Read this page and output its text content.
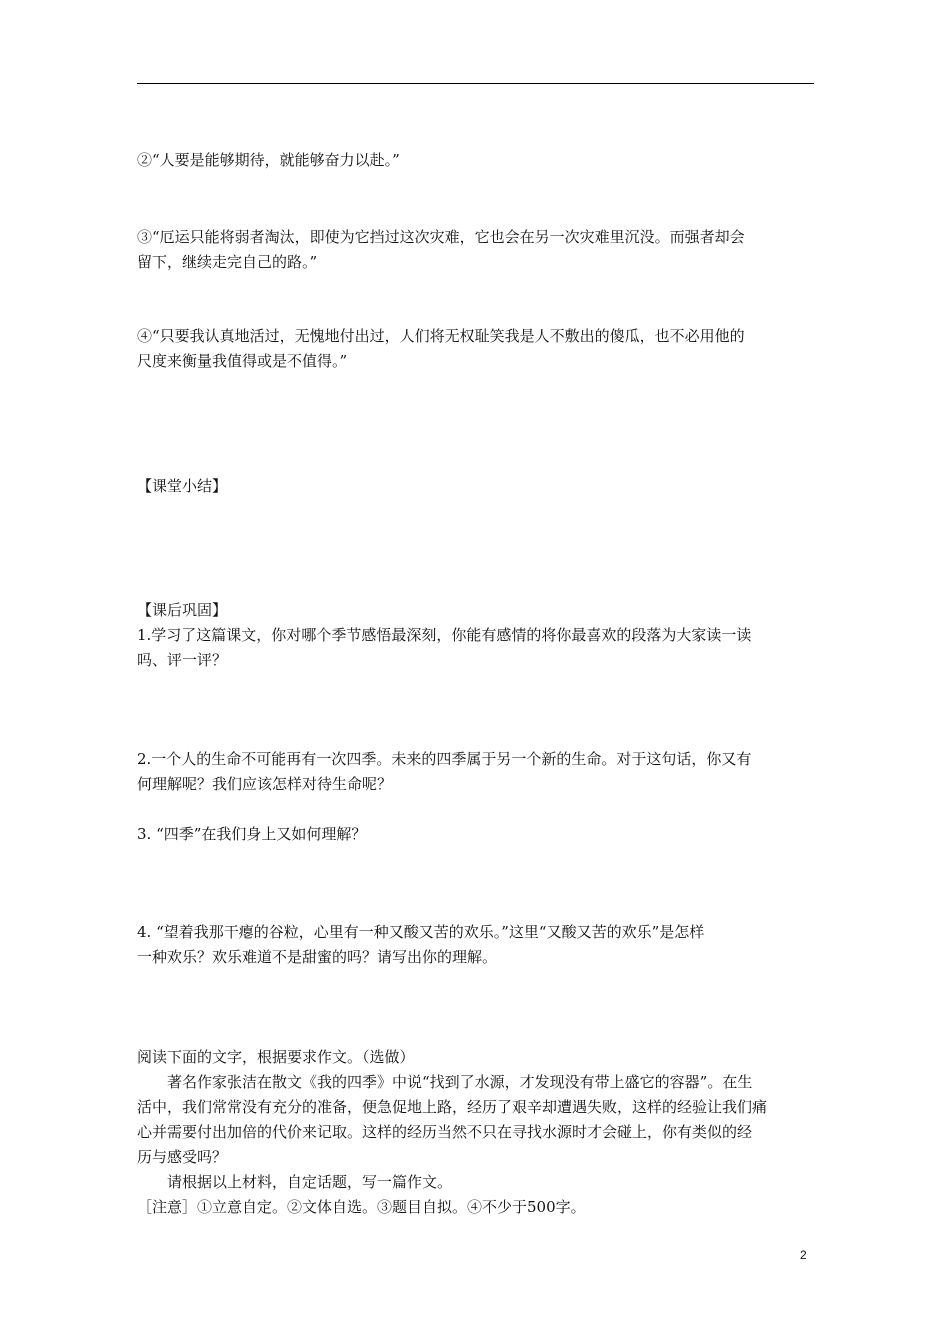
②“人要是能够期待，就能够奋力以赴。”

③“厄运只能将弱者淘汰，即使为它挡过这次灾难，它也会在另一次灾难里沉没。而强者却会
留下，继续走完自己的路。”

④“只要我认真地活过，无愧地付出过，人们将无权耻笑我是人不敷出的傻瓜，也不必用他的
尺度来衡量我值得或是不值得。”

【课堂小结】

【课后巩固】

1.学习了这篇课文，你对哪个季节感悟最深刻，你能有感情的将你最喜欢的段落为大家读一读
吗、评一评？

2.一个人的生命不可能再有一次四季。未来的四季属于另一个新的生命。对于这句话，你又有
何理解呢？我们应该怎样对待生命呢？

3. “四季”在我们身上又如何理解？

4. “望着我那干瘪的谷粒，心里有一种又酸又苦的欢乐。”这里“又酸又苦的欢乐”是怎样
一种欢乐？欢乐难道不是甜蜜的吗？请写出你的理解。

阅读下面的文字，根据要求作文。（选做）

著名作家张洁在散文《我的四季》中说“找到了水源，才发现没有带上盛它的容器”。在生
活中，我们常常没有充分的准备，便急促地上路，经历了艰辛却遭遇失败，这样的经验让我们痛
心并需要付出加倍的代价来记取。这样的经历当然不只在寻找水源时才会碰上，你有类似的经
历与感受吗？

请根据以上材料，自定话题，写一篇作文。

［注意］①立意自定。②文体自选。③题目自拟。④不少于500字。

2
